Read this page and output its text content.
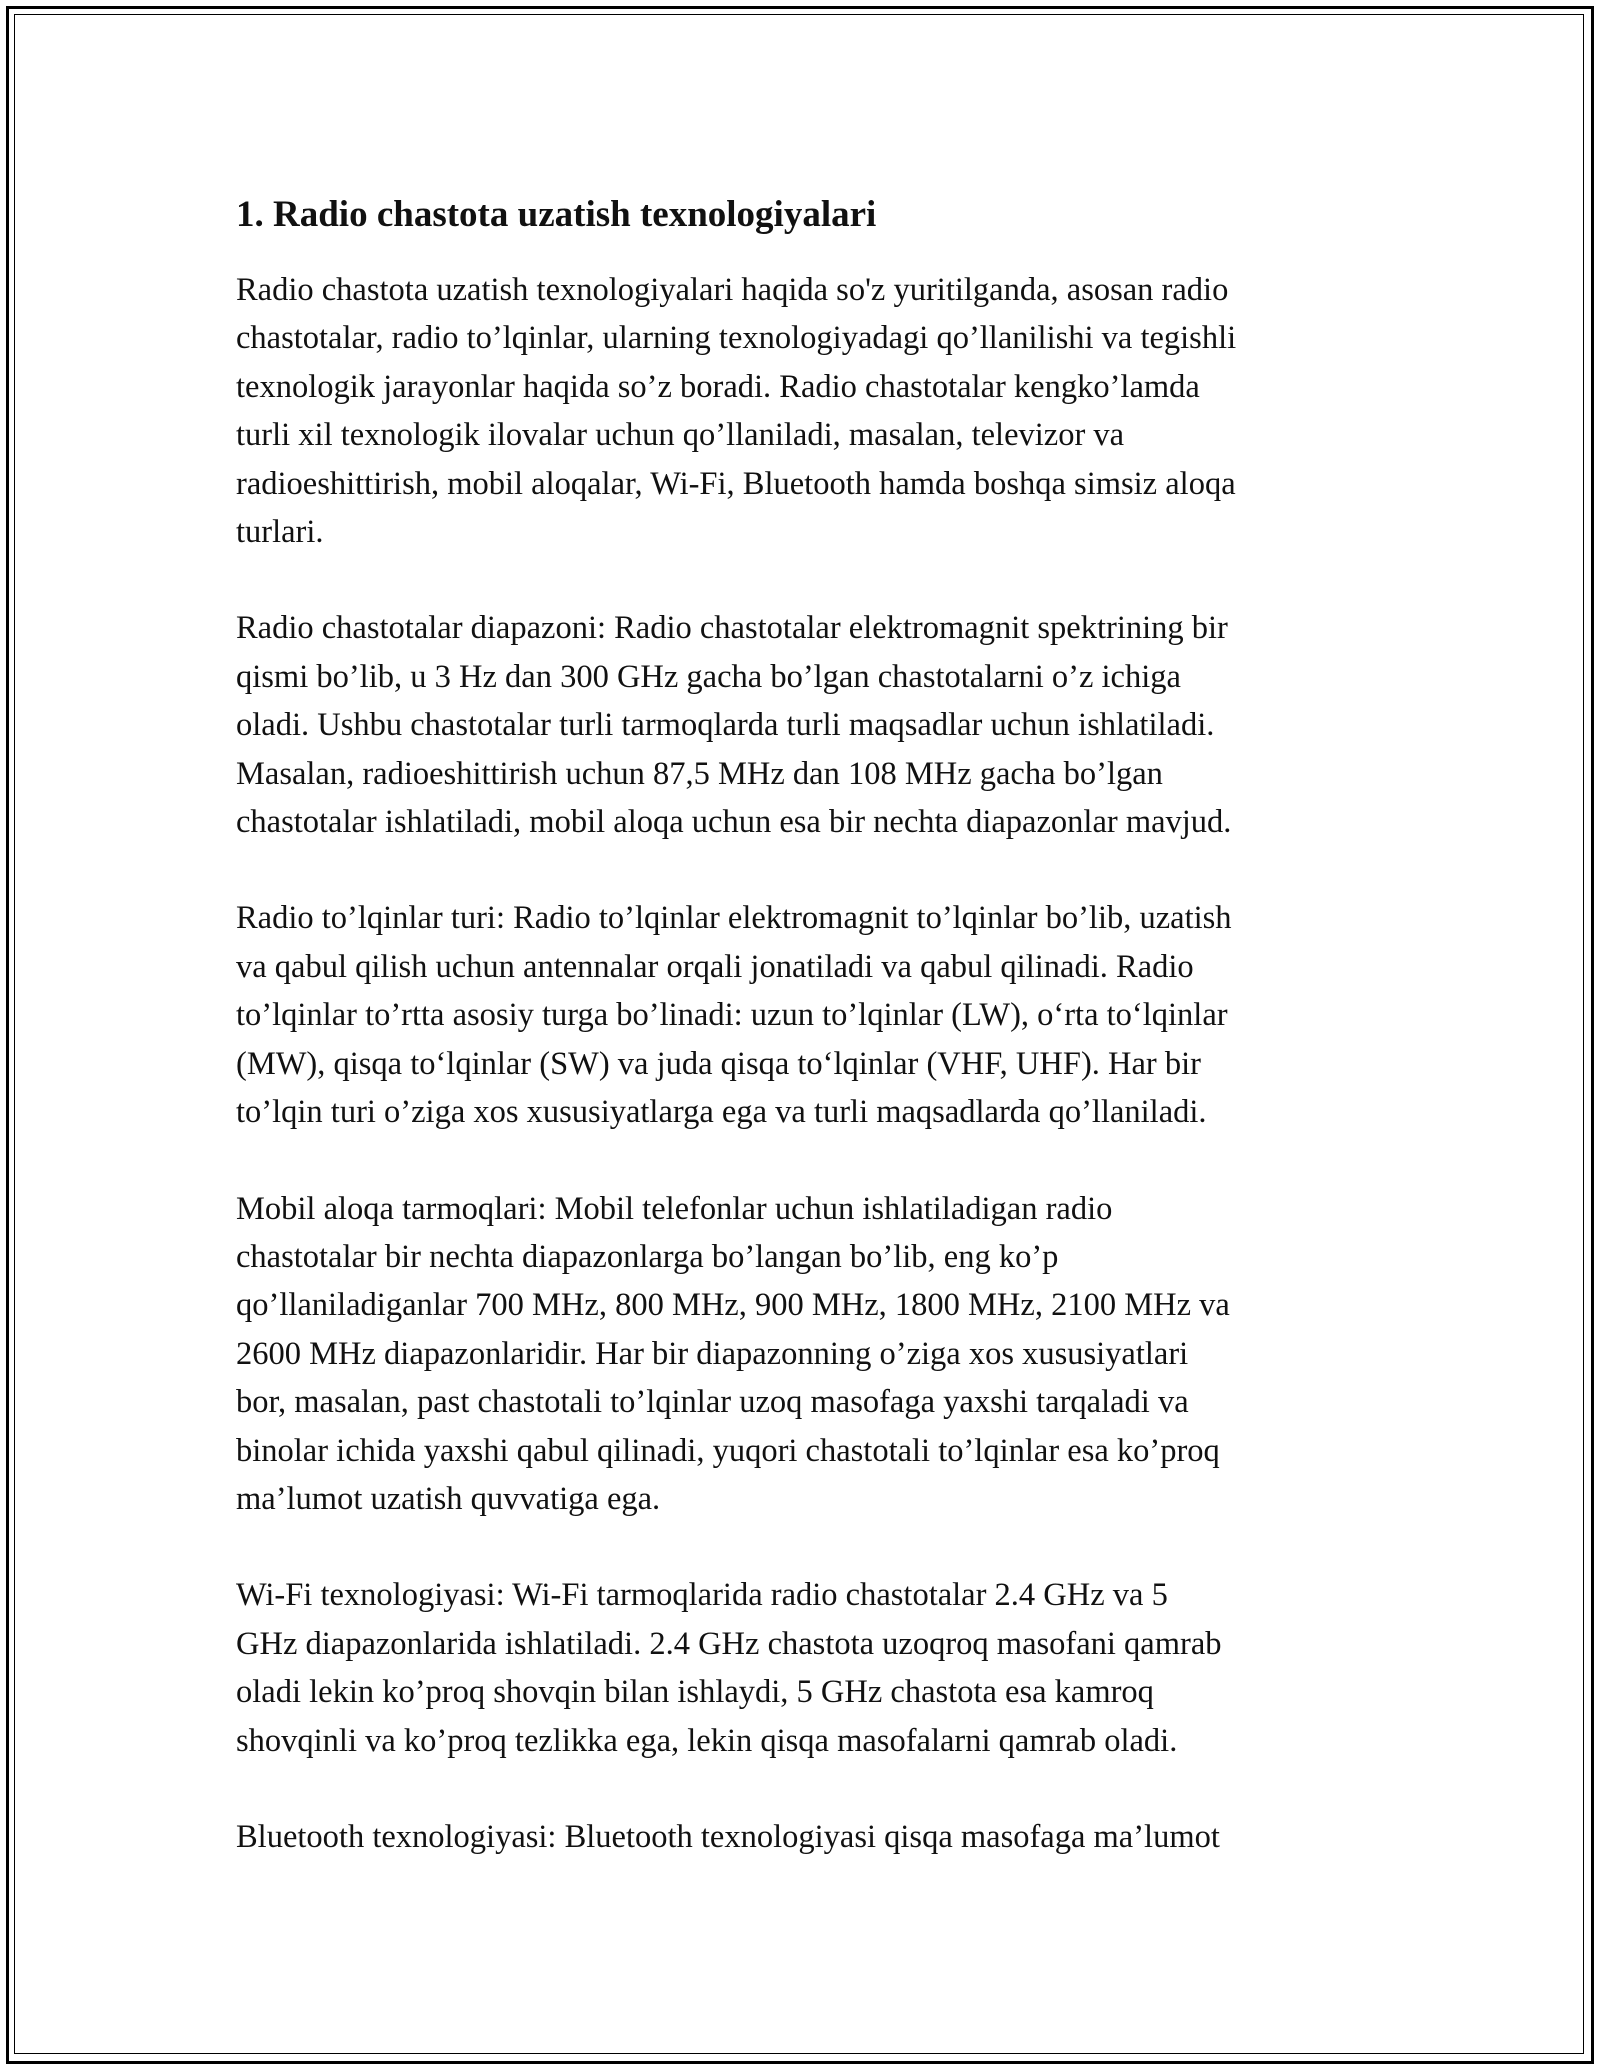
1. Radio chastota uzatish texnologiyalari

Radio chastota uzatish texnologiyalari haqida so'z yuritilganda, asosan radio
chastotalar, radio to’lqinlar, ularning texnologiyadagi qo’llanilishi va tegishli
texnologik jarayonlar haqida so’z boradi. Radio chastotalar kengko’lamda
turli xil texnologik ilovalar uchun qo’llaniladi, masalan, televizor va
radioeshittirish, mobil aloqalar, Wi-Fi, Bluetooth hamda boshqa simsiz aloqa
turlari.

Radio chastotalar diapazoni: Radio chastotalar elektromagnit spektrining bir
qismi bo’lib, u 3 Hz dan 300 GHz gacha bo’lgan chastotalarni o’z ichiga
oladi. Ushbu chastotalar turli tarmoqlarda turli maqsadlar uchun ishlatiladi.
Masalan, radioeshittirish uchun 87,5 MHz dan 108 MHz gacha bo’lgan
chastotalar ishlatiladi, mobil aloqa uchun esa bir nechta diapazonlar mavjud.

Radio to’lqinlar turi: Radio to’lqinlar elektromagnit to’lqinlar bo’lib, uzatish
va qabul qilish uchun antennalar orqali jonatiladi va qabul qilinadi. Radio
to’lqinlar to’rtta asosiy turga bo’linadi: uzun to’lqinlar (LW), o‘rta to‘lqinlar
(MW), qisqa to‘lqinlar (SW) va juda qisqa to‘lqinlar (VHF, UHF). Har bir
to’lqin turi o’ziga xos xususiyatlarga ega va turli maqsadlarda qo’llaniladi.

Mobil aloqa tarmoqlari: Mobil telefonlar uchun ishlatiladigan radio
chastotalar bir nechta diapazonlarga bo’langan bo’lib, eng ko’p
qo’llaniladiganlar 700 MHz, 800 MHz, 900 MHz, 1800 MHz, 2100 MHz va
2600 MHz diapazonlaridir. Har bir diapazonning o’ziga xos xususiyatlari
bor, masalan, past chastotali to’lqinlar uzoq masofaga yaxshi tarqaladi va
binolar ichida yaxshi qabul qilinadi, yuqori chastotali to’lqinlar esa ko’proq
ma’lumot uzatish quvvatiga ega.

Wi-Fi texnologiyasi: Wi-Fi tarmoqlarida radio chastotalar 2.4 GHz va 5
GHz diapazonlarida ishlatiladi. 2.4 GHz chastota uzoqroq masofani qamrab
oladi lekin ko’proq shovqin bilan ishlaydi, 5 GHz chastota esa kamroq
shovqinli va ko’proq tezlikka ega, lekin qisqa masofalarni qamrab oladi.

Bluetooth texnologiyasi: Bluetooth texnologiyasi qisqa masofaga ma’lumot
